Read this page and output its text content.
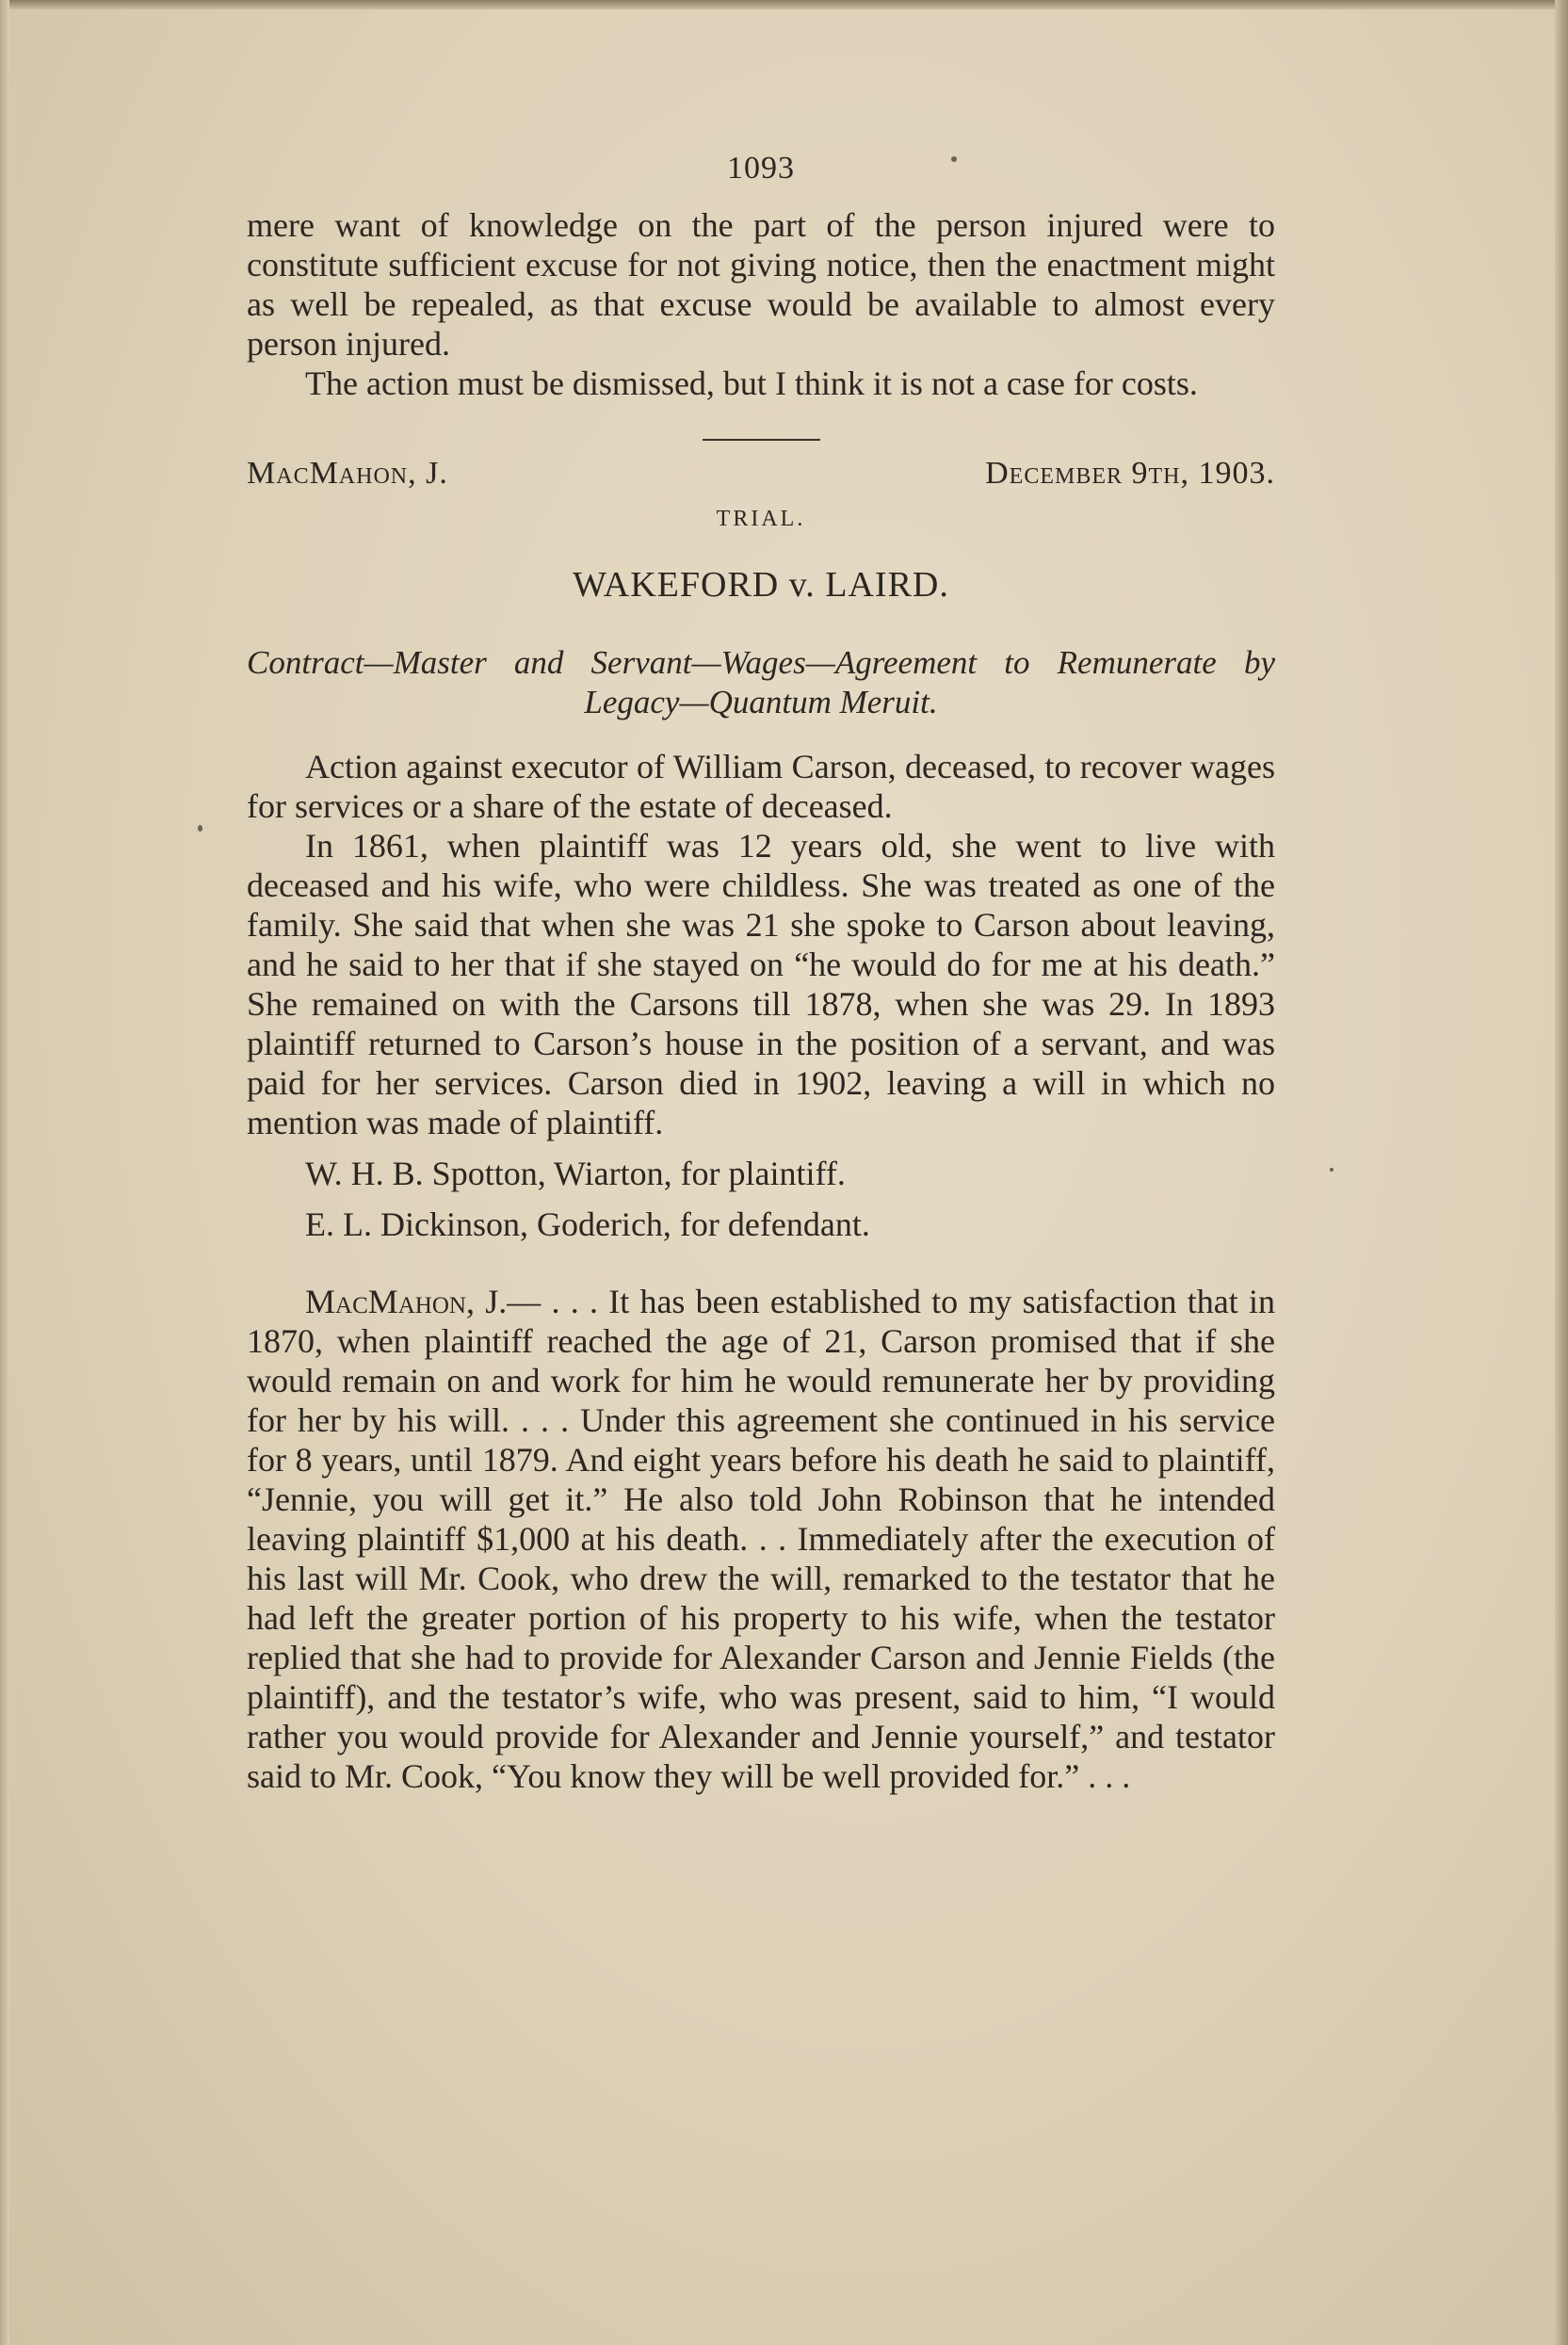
1093

mere want of knowledge on the part of the person injured were to constitute sufficient excuse for not giving notice, then the enactment might as well be repealed, as that excuse would be available to almost every person injured.

The action must be dismissed, but I think it is not a case for costs.

MacMahon, J.	December 9th, 1903.
TRIAL.
WAKEFORD v. LAIRD.
Contract—Master and Servant—Wages—Agreement to Remunerate by Legacy—Quantum Meruit.

Action against executor of William Carson, deceased, to recover wages for services or a share of the estate of deceased.

In 1861, when plaintiff was 12 years old, she went to live with deceased and his wife, who were childless. She was treated as one of the family. She said that when she was 21 she spoke to Carson about leaving, and he said to her that if she stayed on “he would do for me at his death.” She remained on with the Carsons till 1878, when she was 29. In 1893 plaintiff returned to Carson’s house in the position of a servant, and was paid for her services. Carson died in 1902, leaving a will in which no mention was made of plaintiff.

W. H. B. Spotton, Wiarton, for plaintiff.

E. L. Dickinson, Goderich, for defendant.

MacMahon, J.— . . . It has been established to my satisfaction that in 1870, when plaintiff reached the age of 21, Carson promised that if she would remain on and work for him he would remunerate her by providing for her by his will. . . . Under this agreement she continued in his service for 8 years, until 1879. And eight years before his death he said to plaintiff, “Jennie, you will get it.” He also told John Robinson that he intended leaving plaintiff $1,000 at his death. . . Immediately after the execution of his last will Mr. Cook, who drew the will, remarked to the testator that he had left the greater portion of his property to his wife, when the testator replied that she had to provide for Alexander Carson and Jennie Fields (the plaintiff), and the testator’s wife, who was present, said to him, “I would rather you would provide for Alexander and Jennie yourself,” and testator said to Mr. Cook, “You know they will be well provided for.” . . .
